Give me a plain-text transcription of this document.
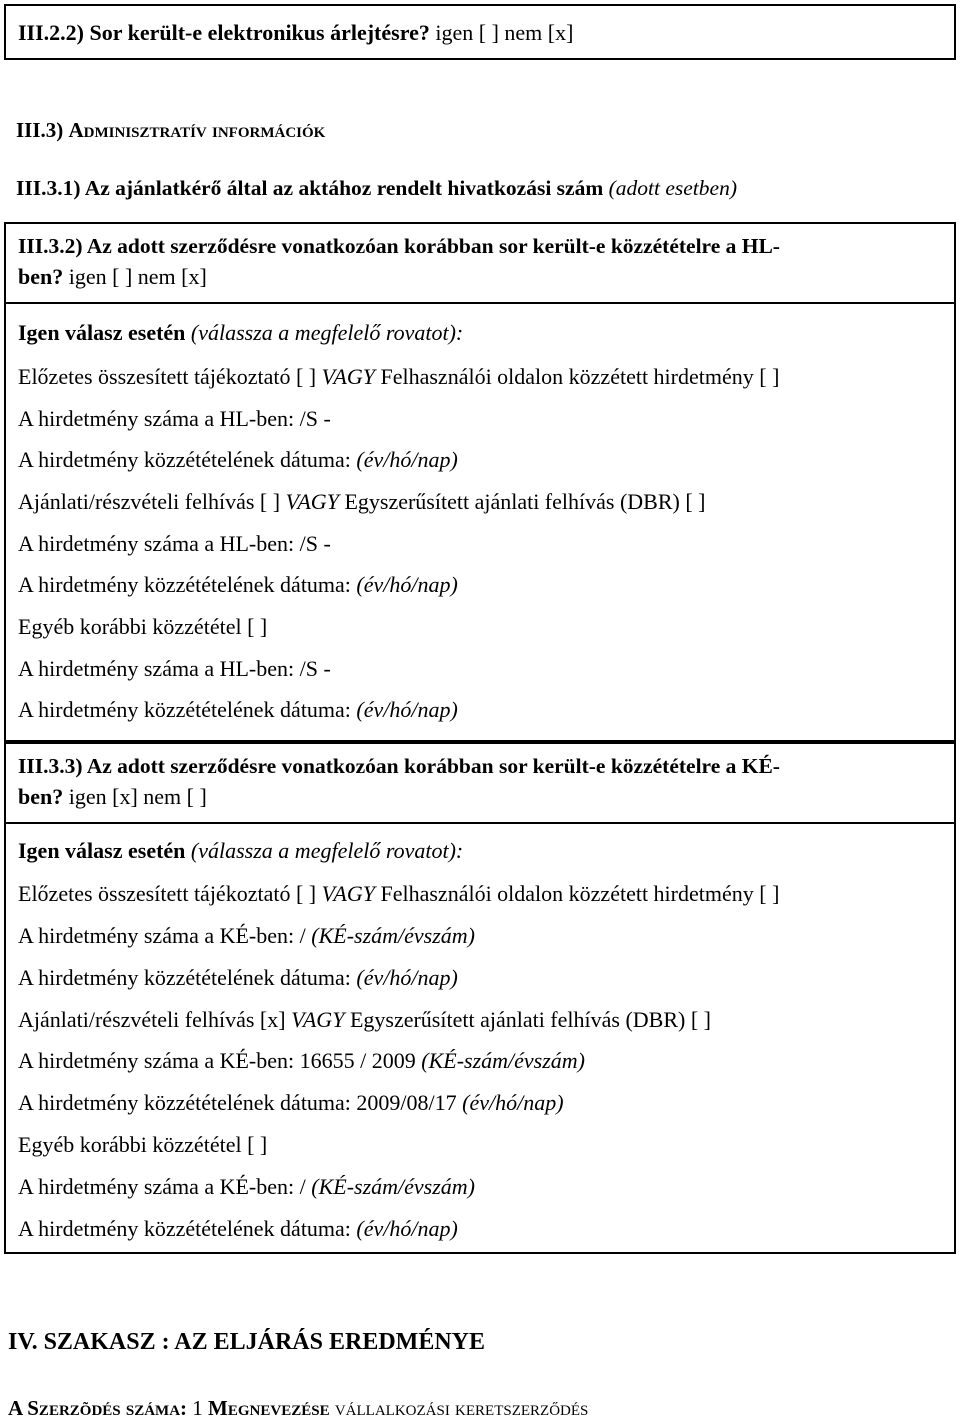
III.2.2) Sor került-e elektronikus árlejtésre? igen [ ] nem [x]
III.3) Adminisztratív információk
III.3.1) Az ajánlatkérő által az aktához rendelt hivatkozási szám (adott esetben)
III.3.2) Az adott szerződésre vonatkozóan korábban sor került-e közzétételre a HL-
ben? igen [ ] nem [x]
Igen válasz esetén (válassza a megfelelő rovatot):
Előzetes összesített tájékoztató [ ] VAGY Felhasználói oldalon közzétett hirdetmény [ ]
A hirdetmény száma a HL-ben: /S -
A hirdetmény közzétételének dátuma: (év/hó/nap)
Ajánlati/részvételi felhívás [ ] VAGY Egyszerűsített ajánlati felhívás (DBR) [ ]
A hirdetmény száma a HL-ben: /S -
A hirdetmény közzétételének dátuma: (év/hó/nap)
Egyéb korábbi közzététel [ ]
A hirdetmény száma a HL-ben: /S -
A hirdetmény közzétételének dátuma: (év/hó/nap)
III.3.3) Az adott szerződésre vonatkozóan korábban sor került-e közzétételre a KÉ-
ben? igen [x] nem [ ]
Igen válasz esetén (válassza a megfelelő rovatot):
Előzetes összesített tájékoztató [ ] VAGY Felhasználói oldalon közzétett hirdetmény [ ]
A hirdetmény száma a KÉ-ben: / (KÉ-szám/évszám)
A hirdetmény közzétételének dátuma: (év/hó/nap)
Ajánlati/részvételi felhívás [x] VAGY Egyszerűsített ajánlati felhívás (DBR) [ ]
A hirdetmény száma a KÉ-ben: 16655 / 2009 (KÉ-szám/évszám)
A hirdetmény közzétételének dátuma: 2009/08/17 (év/hó/nap)
Egyéb korábbi közzététel [ ]
A hirdetmény száma a KÉ-ben: / (KÉ-szám/évszám)
A hirdetmény közzétételének dátuma: (év/hó/nap)
IV. SZAKASZ : AZ ELJÁRÁS EREDMÉNYE
A Szerzõdés száma: 1 Megnevezése vállalkozási keretszerződés
